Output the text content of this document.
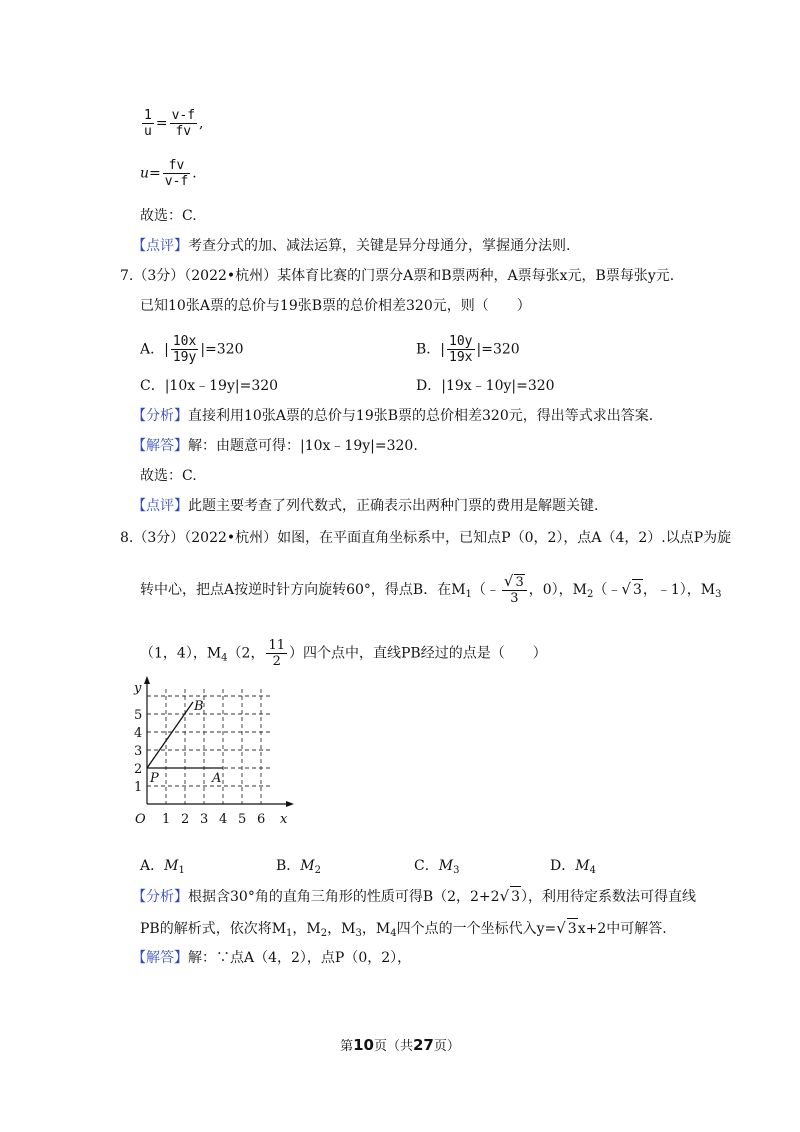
$\frac{1}{u} = \frac{v-f}{fv}$ ,
$u= \frac{fv}{v-f}$ .
故选：C.
【点评】考查分式的加、减法运算，关键是异分母通分，掌握通分法则.
7.（3分）（2022•杭州）某体育比赛的门票分A票和B票两种，A票每张x元，B票每张y元.
已知10张A票的总价与19张B票的总价相差320元，则（　　）
A．| $\frac{10x}{19y} |=320$	B．| $\frac{10y}{19x} |=320$
C．|10x﹣19y|=320	D．|19x﹣10y|=320
【分析】直接利用10张A票的总价与19张B票的总价相差320元，得出等式求出答案.
【解答】解：由题意可得：|10x﹣19y|=320.
故选：C.
【点评】此题主要考查了列代数式，正确表示出两种门票的费用是解题关键.
8.（3分）（2022•杭州）如图，在平面直角坐标系中，已知点P（0，2），点A（4，2）.以点P为旋
转中心，把点A按逆时针方向旋转60°，得点B．在$M_1(﹣ \frac{√ 3}{3}$ ，0），$M_2(﹣√$ 3，﹣1），$M_3$
（1，4），$M_4(2$， $\frac{11}{2}$ ）四个点中，直线PB经过的点是（　　）
1 2 3 4 5 6 x
O
1
2
3
4
5
y
P	A
B
A．$M_1$	B．$M_2$	C．$M_3$	D．$M_4$
【分析】根据含30°角的直角三角形的性质可得B（2，2+2√ 3），利用待定系数法可得直线
PB的解析式，依次将$M_1$，$M_2$，$M_3$，$M_4$四个点的一个坐标代入y=√ 3x+2中可解答.
【解答】解：∵点A（4，2），点P（0，2），
第10页（共27页）
